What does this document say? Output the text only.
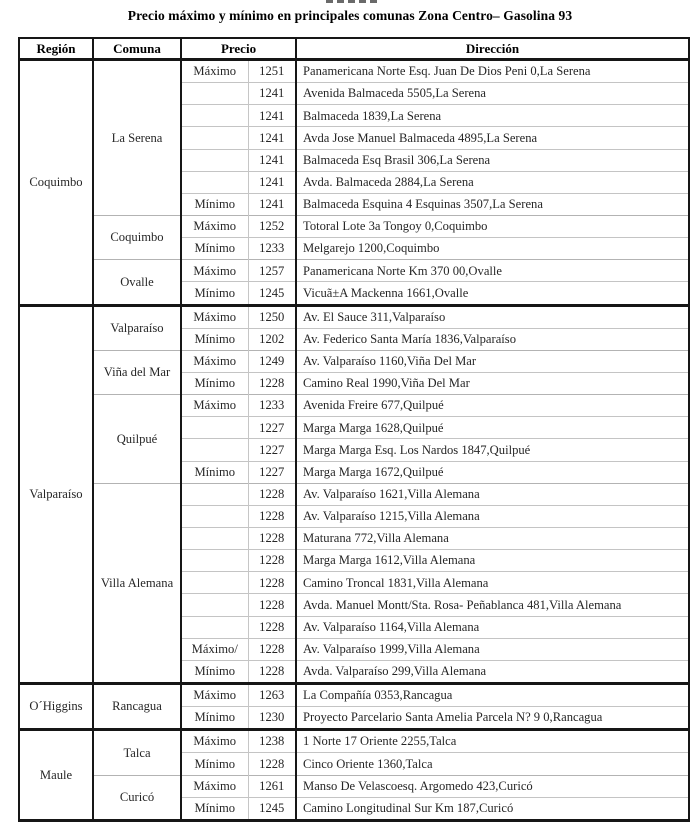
Precio máximo y mínimo en principales comunas Zona Centro– Gasolina 93
Región	Comuna	Precio		Dirección
Coquimbo	La Serena	Máximo	1251	Panamericana Norte Esq. Juan De Dios Peni 0,La Serena
			1241	Avenida Balmaceda 5505,La Serena
			1241	Balmaceda 1839,La Serena
			1241	Avda Jose Manuel Balmaceda 4895,La Serena
			1241	Balmaceda Esq Brasil 306,La Serena
			1241	Avda. Balmaceda 2884,La Serena
		Mínimo	1241	Balmaceda Esquina 4 Esquinas 3507,La Serena
	Coquimbo	Máximo	1252	Totoral Lote 3a Tongoy 0,Coquimbo
		Mínimo	1233	Melgarejo 1200,Coquimbo
	Ovalle	Máximo	1257	Panamericana Norte Km 370 00,Ovalle
		Mínimo	1245	Vicuã±A Mackenna 1661,Ovalle
Valparaíso	Valparaíso	Máximo	1250	Av. El Sauce 311,Valparaíso
		Mínimo	1202	Av. Federico Santa María 1836,Valparaíso
	Viña del Mar	Máximo	1249	Av. Valparaíso 1160,Viña Del Mar
		Mínimo	1228	Camino Real 1990,Viña Del Mar
	Quilpué	Máximo	1233	Avenida Freire 677,Quilpué
			1227	Marga Marga 1628,Quilpué
			1227	Marga Marga Esq. Los Nardos 1847,Quilpué
		Mínimo	1227	Marga Marga 1672,Quilpué
	Villa Alemana		1228	Av. Valparaíso 1621,Villa Alemana
			1228	Av. Valparaíso 1215,Villa Alemana
			1228	Maturana 772,Villa Alemana
			1228	Marga Marga 1612,Villa Alemana
			1228	Camino Troncal 1831,Villa Alemana
			1228	Avda. Manuel Montt/Sta. Rosa- Peñablanca 481,Villa Alemana
			1228	Av. Valparaíso 1164,Villa Alemana
		Máximo/	1228	Av. Valparaíso 1999,Villa Alemana
		Mínimo	1228	Avda. Valparaíso 299,Villa Alemana
O´Higgins	Rancagua	Máximo	1263	La Compañía 0353,Rancagua
		Mínimo	1230	Proyecto Parcelario Santa Amelia Parcela N? 9 0,Rancagua
Maule	Talca	Máximo	1238	1 Norte 17 Oriente 2255,Talca
		Mínimo	1228	Cinco Oriente 1360,Talca
	Curicó	Máximo	1261	Manso De Velascoesq. Argomedo 423,Curicó
		Mínimo	1245	Camino Longitudinal Sur Km 187,Curicó
